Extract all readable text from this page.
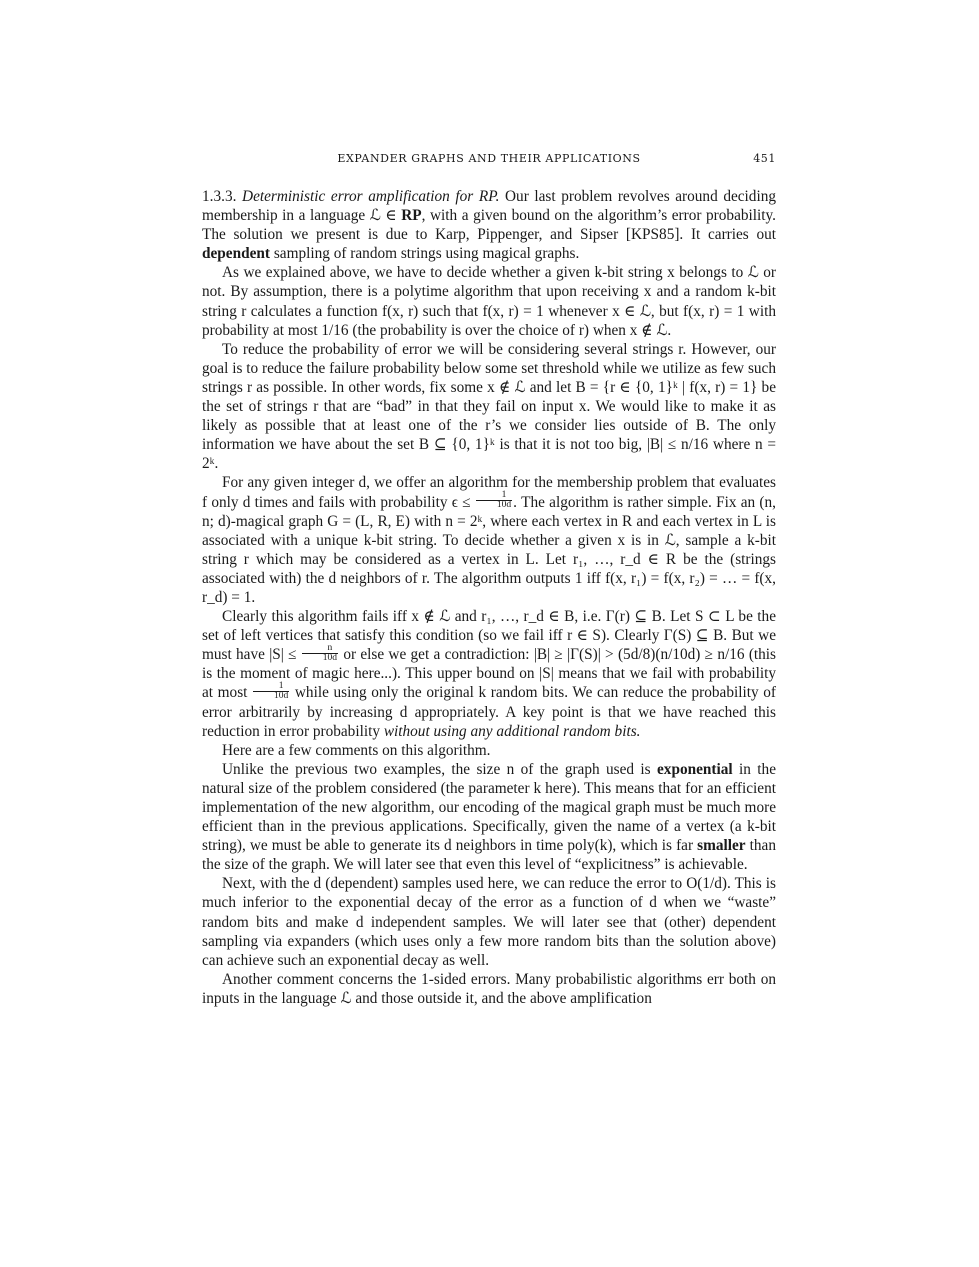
EXPANDER GRAPHS AND THEIR APPLICATIONS	451

1.3.3. Deterministic error amplification for RP. Our last problem revolves around deciding membership in a language ℒ ∈ RP, with a given bound on the algorithm’s error probability. The solution we present is due to Karp, Pippenger, and Sipser [KPS85]. It carries out dependent sampling of random strings using magical graphs.

As we explained above, we have to decide whether a given k-bit string x belongs to ℒ or not. By assumption, there is a polytime algorithm that upon receiving x and a random k-bit string r calculates a function f(x, r) such that f(x, r) = 1 whenever x ∈ ℒ, but f(x, r) = 1 with probability at most 1/16 (the probability is over the choice of r) when x ∉ ℒ.

To reduce the probability of error we will be considering several strings r. However, our goal is to reduce the failure probability below some set threshold while we utilize as few such strings r as possible. In other words, fix some x ∉ ℒ and let B = {r ∈ {0, 1}ᵏ | f(x, r) = 1} be the set of strings r that are “bad” in that they fail on input x. We would like to make it as likely as possible that at least one of the r’s we consider lies outside of B. The only information we have about the set B ⊆ {0, 1}ᵏ is that it is not too big, |B| ≤ n/16 where n = 2ᵏ.

For any given integer d, we offer an algorithm for the membership problem that evaluates f only d times and fails with probability $\epsilon \le \frac{1}{10d}$ . The algorithm is rather simple. Fix an (n, n; d)-magical graph G = (L, R, E) with n = 2ᵏ, where each vertex in R and each vertex in L is associated with a unique k-bit string. To decide whether a given x is in ℒ, sample a k-bit string r which may be considered as a vertex in L. Let r₁, …, r_d ∈ R be the (strings associated with) the d neighbors of r. The algorithm outputs 1 iff f(x, r₁) = f(x, r₂) = … = f(x, r_d) = 1.

Clearly this algorithm fails iff x ∉ ℒ and r₁, …, r_d ∈ B, i.e. Γ(r) ⊆ B. Let S ⊂ L be the set of left vertices that satisfy this condition (so we fail iff r ∈ S). Clearly Γ(S) ⊆ B. But we must have $|S| \le \frac{n}{10d}$ or else we get a contradiction: |B| ≥ |Γ(S)| > (5d/8)(n/10d) ≥ n/16 (this is the moment of magic here...). This upper bound on |S| means that we fail with probability at most $\frac{1}{10d}$ while using only the original k random bits. We can reduce the probability of error arbitrarily by increasing d appropriately. A key point is that we have reached this reduction in error probability without using any additional random bits.

Here are a few comments on this algorithm.

Unlike the previous two examples, the size n of the graph used is exponential in the natural size of the problem considered (the parameter k here). This means that for an efficient implementation of the new algorithm, our encoding of the magical graph must be much more efficient than in the previous applications. Specifically, given the name of a vertex (a k-bit string), we must be able to generate its d neighbors in time poly(k), which is far smaller than the size of the graph. We will later see that even this level of “explicitness” is achievable.

Next, with the d (dependent) samples used here, we can reduce the error to O(1/d). This is much inferior to the exponential decay of the error as a function of d when we “waste” random bits and make d independent samples. We will later see that (other) dependent sampling via expanders (which uses only a few more random bits than the solution above) can achieve such an exponential decay as well.

Another comment concerns the 1-sided errors. Many probabilistic algorithms err both on inputs in the language ℒ and those outside it, and the above amplification
